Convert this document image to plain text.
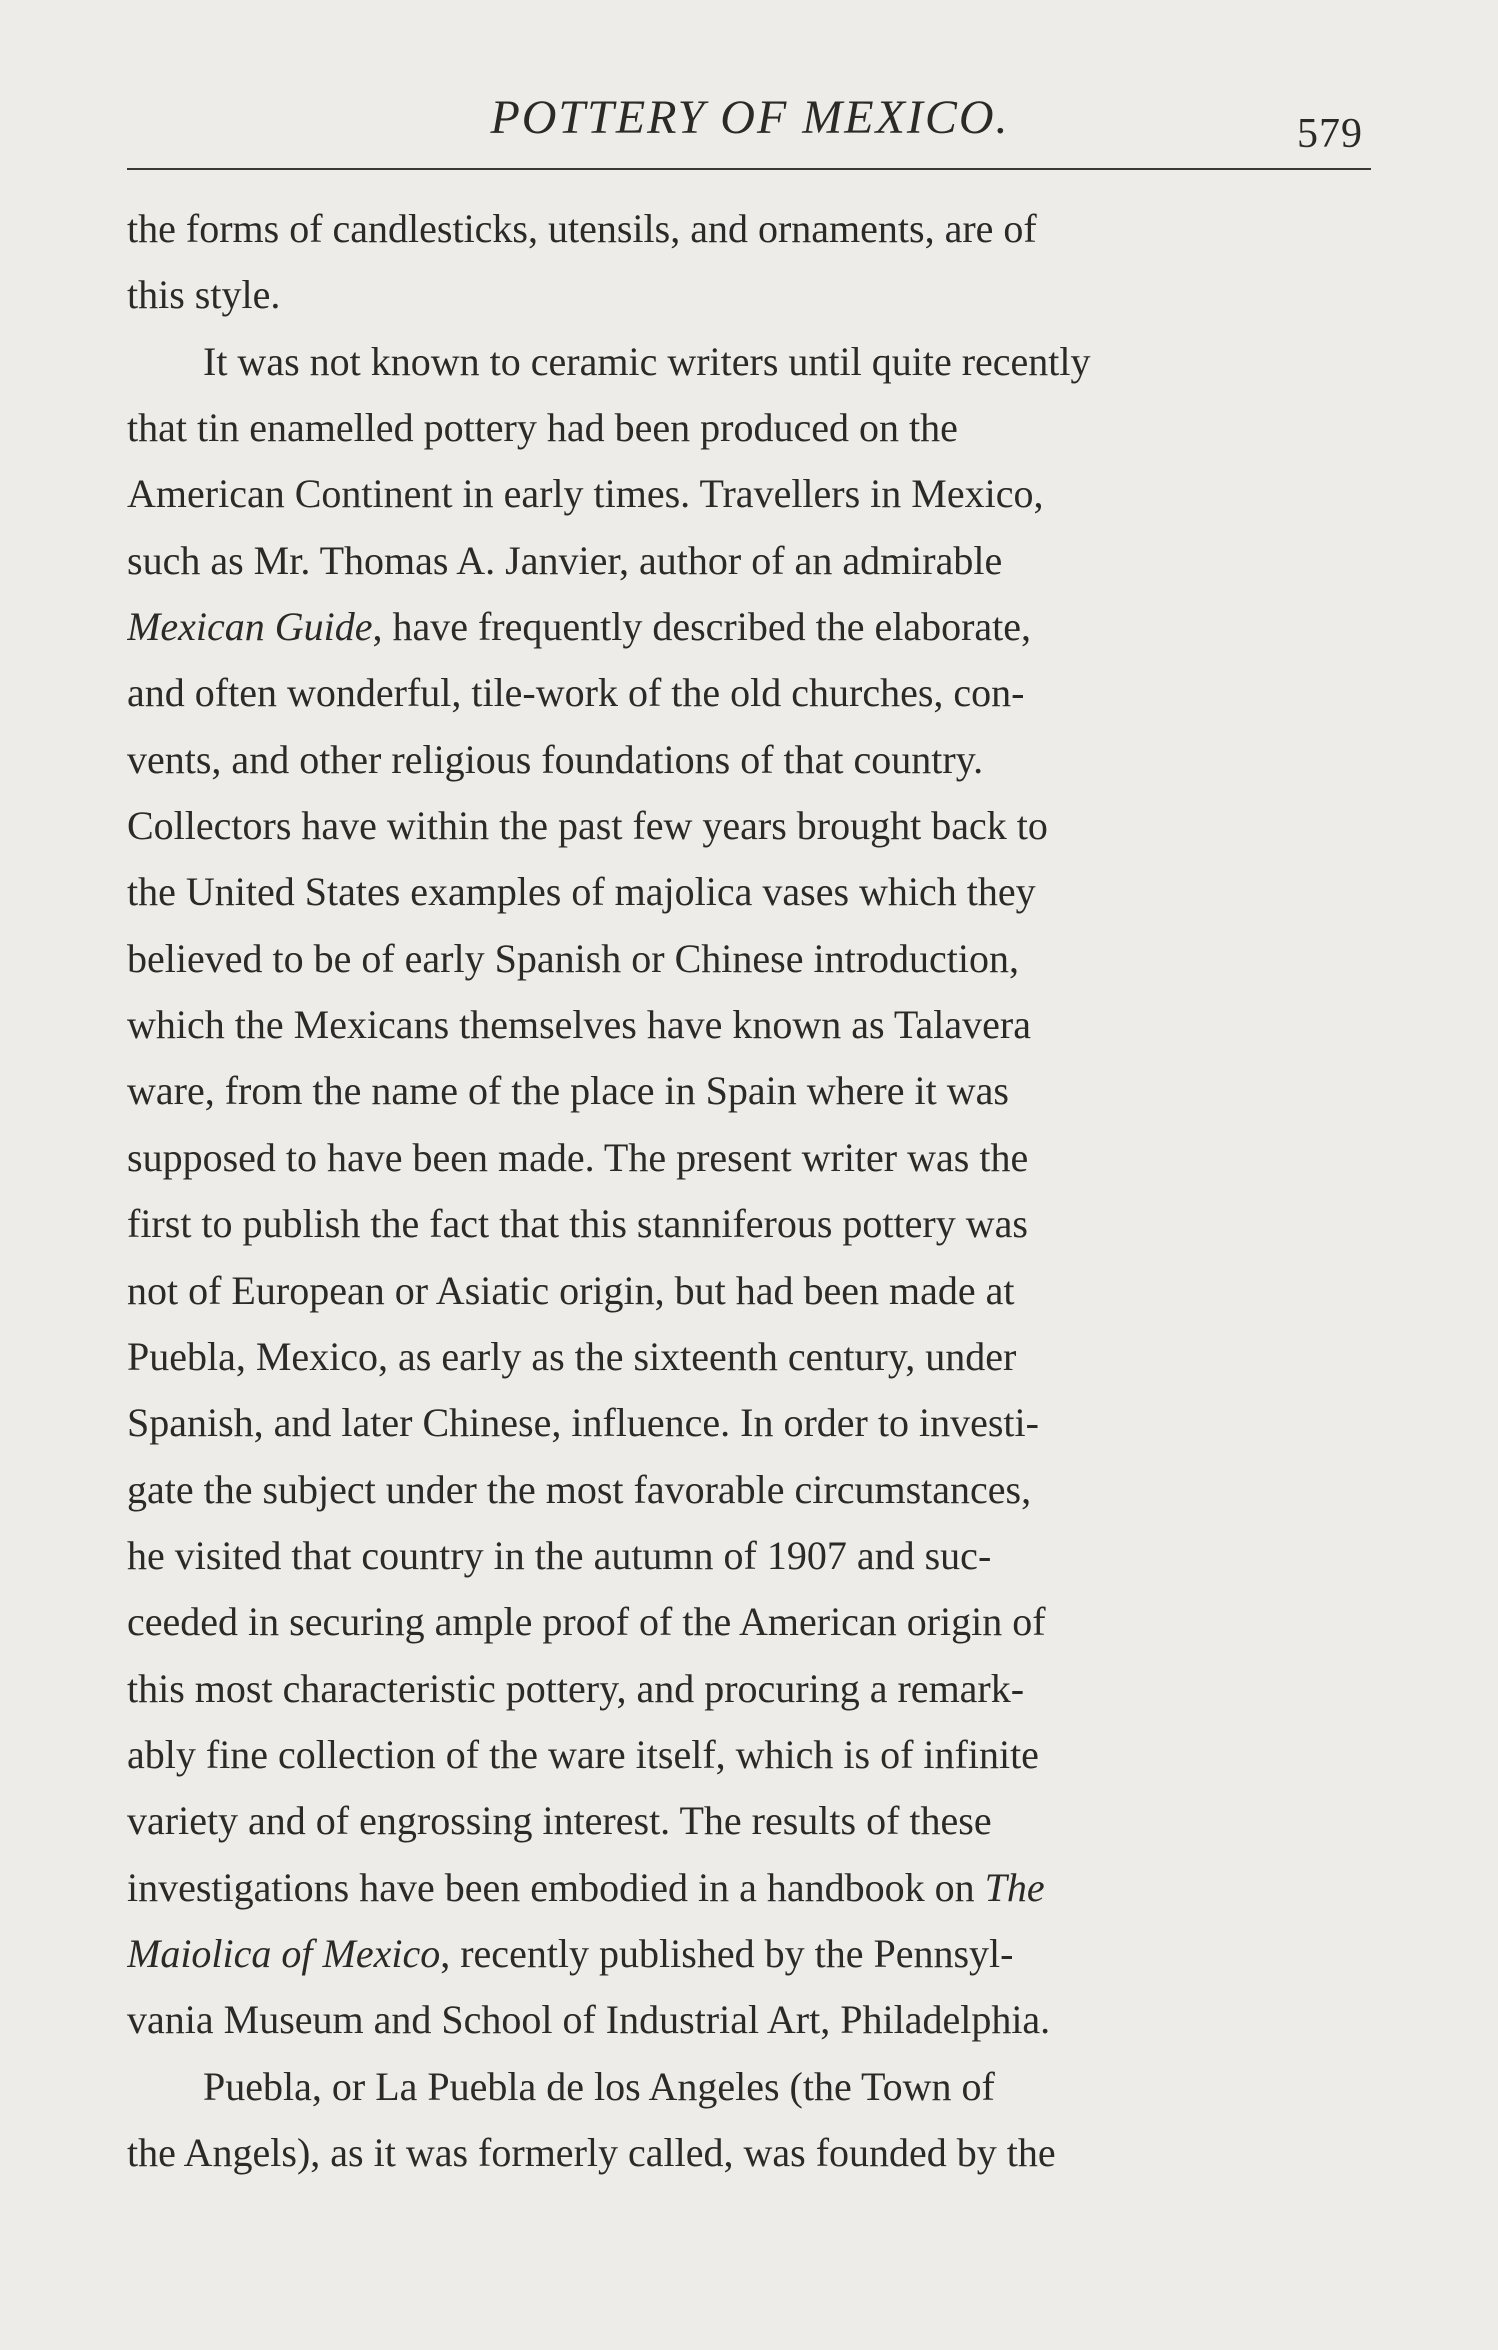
POTTERY OF MEXICO.	579
the forms of candlesticks, utensils, and ornaments, are of
this style.
It was not known to ceramic writers until quite recently
that tin enamelled pottery had been produced on the
American Continent in early times. Travellers in Mexico,
such as Mr. Thomas A. Janvier, author of an admirable
Mexican Guide, have frequently described the elaborate,
and often wonderful, tile-work of the old churches, con-
vents, and other religious foundations of that country.
Collectors have within the past few years brought back to
the United States examples of majolica vases which they
believed to be of early Spanish or Chinese introduction,
which the Mexicans themselves have known as Talavera
ware, from the name of the place in Spain where it was
supposed to have been made. The present writer was the
first to publish the fact that this stanniferous pottery was
not of European or Asiatic origin, but had been made at
Puebla, Mexico, as early as the sixteenth century, under
Spanish, and later Chinese, influence. In order to investi-
gate the subject under the most favorable circumstances,
he visited that country in the autumn of 1907 and suc-
ceeded in securing ample proof of the American origin of
this most characteristic pottery, and procuring a remark-
ably fine collection of the ware itself, which is of infinite
variety and of engrossing interest. The results of these
investigations have been embodied in a handbook on The
Maiolica of Mexico, recently published by the Pennsyl-
vania Museum and School of Industrial Art, Philadelphia.
Puebla, or La Puebla de los Angeles (the Town of
the Angels), as it was formerly called, was founded by the
